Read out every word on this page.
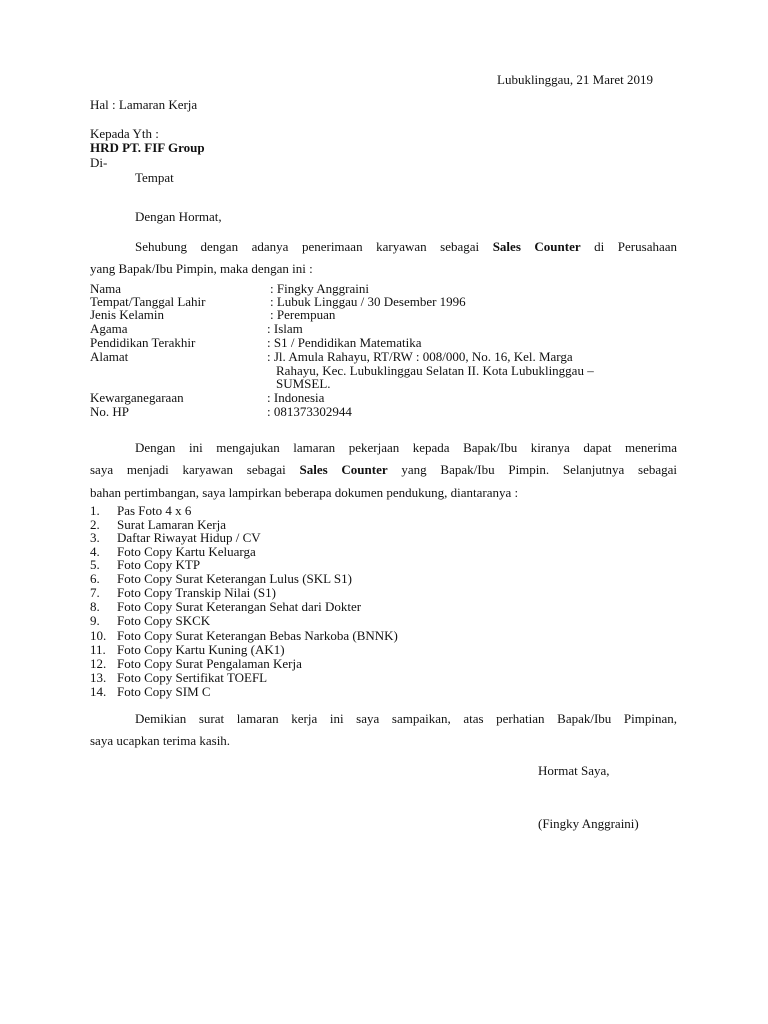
Lubuklinggau, 21 Maret 2019
Hal : Lamaran Kerja
Kepada Yth :
HRD PT. FIF Group
Di-
Tempat
Dengan Hormat,
Sehubung dengan adanya penerimaan karyawan sebagai Sales Counter di Perusahaan
yang Bapak/Ibu Pimpin, maka dengan ini :
Nama	: Fingky Anggraini
Tempat/Tanggal Lahir	: Lubuk Linggau / 30 Desember 1996
Jenis Kelamin	: Perempuan
Agama	: Islam
Pendidikan Terakhir	: S1 / Pendidikan Matematika
Alamat	: Jl. Amula Rahayu, RT/RW : 008/000, No. 16, Kel. Marga
Rahayu, Kec. Lubuklinggau Selatan II. Kota Lubuklinggau –
SUMSEL.
Kewarganegaraan	: Indonesia
No. HP	: 081373302944
Dengan ini mengajukan lamaran pekerjaan kepada Bapak/Ibu kiranya dapat menerima
saya menjadi karyawan sebagai Sales Counter yang Bapak/Ibu Pimpin. Selanjutnya sebagai
bahan pertimbangan, saya lampirkan beberapa dokumen pendukung, diantaranya :
1. Pas Foto 4 x 6
2. Surat Lamaran Kerja
3. Daftar Riwayat Hidup / CV
4. Foto Copy Kartu Keluarga
5. Foto Copy KTP
6. Foto Copy Surat Keterangan Lulus (SKL S1)
7. Foto Copy Transkip Nilai (S1)
8. Foto Copy Surat Keterangan Sehat dari Dokter
9. Foto Copy SKCK
10. Foto Copy Surat Keterangan Bebas Narkoba (BNNK)
11. Foto Copy Kartu Kuning (AK1)
12. Foto Copy Surat Pengalaman Kerja
13. Foto Copy Sertifikat TOEFL
14. Foto Copy SIM C
Demikian surat lamaran kerja ini saya sampaikan, atas perhatian Bapak/Ibu Pimpinan,
saya ucapkan terima kasih.
Hormat Saya,
(Fingky Anggraini)
